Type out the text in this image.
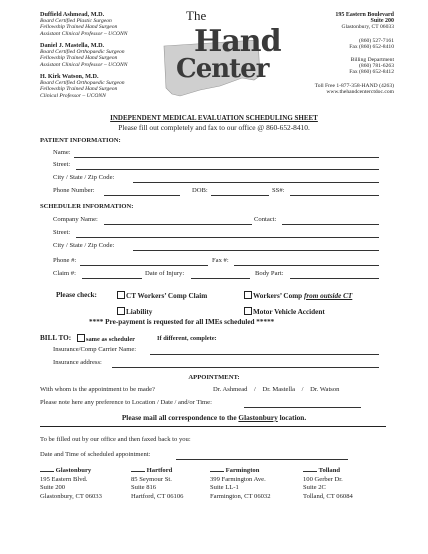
Duffield Ashmead, M.D.
Board Certified Plastic Surgeon
Fellowship Trained Hand Surgeon
Assistant Clinical Professor – UCONN
Daniel J. Mastella, M.D.
Board Certified Orthopaedic Surgeon
Fellowship Trained Hand Surgeon
Assistant Clinical Professor – UCONN
H. Kirk Watson, M.D.
Board Certified Orthopaedic Surgeon
Fellowship Trained Hand Surgeon
Clinical Professor – UCONN
The
Hand
Center
195 Eastern Boulevard
Suite 200
Glastonbury, CT 06033
(860) 527-7161
Fax (860) 652-8410
Billing Department
(860) 781-6263
Fax (860) 652-8412
Toll Free 1-877-358-HAND (4263)
www.thehandcenterctdoc.com
INDEPENDENT MEDICAL EVALUATION SCHEDULING SHEET
Please fill out completely and fax to our office @ 860-652-8410.
PATIENT INFORMATION:
Name:
Street:
City / State / Zip Code:
Phone Number:	DOB:	SS#:
SCHEDULER INFORMATION:
Company Name:	Contact:
Street:
City / State / Zip Code:
Phone #:	Fax #:
Claim #:	Date of Injury:	Body Part:
Please check:	CT Workers’ Comp Claim	Workers’ Comp from outside CT
Liability	Motor Vehicle Accident
**** Pre-payment is requested for all IMEs scheduled *****
BILL TO:	same as scheduler	If different, complete:
Insurance/Comp Carrier Name:
Insurance address:
APPOINTMENT:
With whom is the appointment to be made?	Dr. Ashmead    /    Dr. Mastella    /    Dr. Watson
Please note here any preference to Location / Date / and/or Time:
Please mail all correspondence to the Glastonbury location.
To be filled out by our office and then faxed back to you:
Date and Time of scheduled appointment:
Glastonbury
195 Eastern Blvd.
Suite 200
Glastonbury, CT 06033
Hartford
85 Seymour St.
Suite 816
Hartford, CT 06106
Farmington
399 Farmington Ave.
Suite LL-1
Farmington, CT 06032
Tolland
100 Gerber Dr.
Suite 2C
Tolland, CT 06084
